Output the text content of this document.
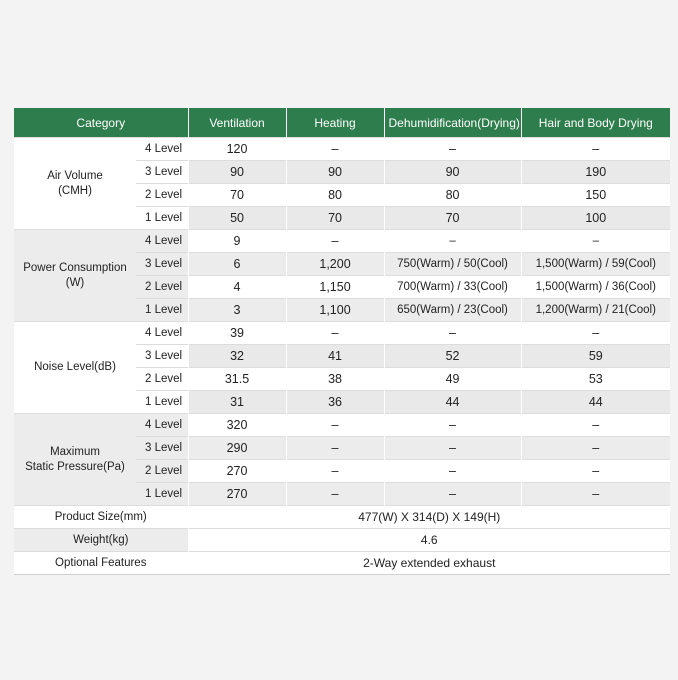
Category		Ventilation	Heating	Dehumidification(Drying)	Hair and Body Drying
Air Volume
(CMH)	4 Level	120	–	–	–
	3 Level	90	90	90	190
	2 Level	70	80	80	150
	1 Level	50	70	70	100
Power Consumption
(W)	4 Level	9	–	–	–
	3 Level	6	1,200	750(Warm) / 50(Cool)	1,500(Warm) / 59(Cool)
	2 Level	4	1,150	700(Warm) / 33(Cool)	1,500(Warm) / 36(Cool)
	1 Level	3	1,100	650(Warm) / 23(Cool)	1,200(Warm) / 21(Cool)
Noise Level(dB)	4 Level	39	–	–	–
	3 Level	32	41	52	59
	2 Level	31.5	38	49	53
	1 Level	31	36	44	44
Maximum
Static Pressure(Pa)	4 Level	320	–	–	–
	3 Level	290	–	–	–
	2 Level	270	–	–	–
	1 Level	270	–	–	–
Product Size(mm)		477(W) X 314(D) X 149(H)			
Weight(kg)		4.6			
Optional Features		2-Way extended exhaust			
